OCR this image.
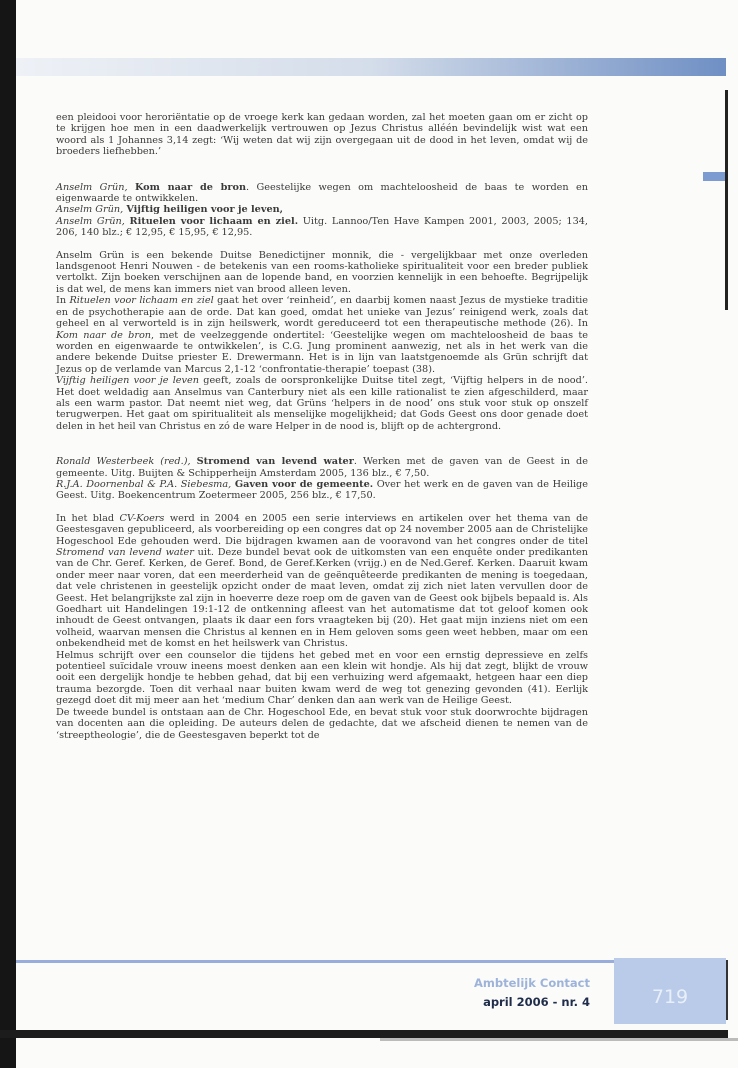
een pleidooi voor heroriëntatie op de vroege kerk kan gedaan worden, zal het moeten gaan om er zicht op te krijgen hoe men in een daadwerkelijk vertrouwen op Jezus Christus alléén bevindelijk wist wat een woord als 1 Johannes 3,14 zegt: ‘Wij weten dat wij zijn overgegaan uit de dood in het leven, omdat wij de broeders liefhebben.’

Anselm Grün, Kom naar de bron. Geestelijke wegen om machteloosheid de baas te worden en eigenwaarde te ontwikkelen.

Anselm Grün, Vijftig heiligen voor je leven,

Anselm Grün, Rituelen voor lichaam en ziel. Uitg. Lannoo/Ten Have Kampen 2001, 2003, 2005; 134, 206, 140 blz.; € 12,95, € 15,95, € 12,95.

Anselm Grün is een bekende Duitse Benedictijner monnik, die - vergelijkbaar met onze overleden landsgenoot Henri Nouwen - de betekenis van een rooms-katholieke spiritualiteit voor een breder publiek vertolkt. Zijn boeken verschijnen aan de lopende band, en voorzien kennelijk in een behoefte. Begrijpelijk is dat wel, de mens kan immers niet van brood alleen leven.

In Rituelen voor lichaam en ziel gaat het over ‘reinheid’, en daarbij komen naast Jezus de mystieke traditie en de psychotherapie aan de orde. Dat kan goed, omdat het unieke van Jezus’ reinigend werk, zoals dat geheel en al verworteld is in zijn heilswerk, wordt gereduceerd tot een therapeutische methode (26). In Kom naar de bron, met de veelzeggende ondertitel: ‘Geestelijke wegen om machteloosheid de baas te worden en eigenwaarde te ontwikkelen’, is C.G. Jung prominent aanwezig, net als in het werk van die andere bekende Duitse priester E. Drewermann. Het is in lijn van laatstgenoemde als Grün schrijft dat Jezus op de verlamde van Marcus 2,1-12 ‘confrontatie-therapie’ toepast (38).

Vijftig heiligen voor je leven geeft, zoals de oorspronkelijke Duitse titel zegt, ‘Vijftig helpers in de nood’. Het doet weldadig aan Anselmus van Canterbury niet als een kille rationalist te zien afgeschilderd, maar als een warm pastor. Dat neemt niet weg, dat Grüns ‘helpers in de nood’ ons stuk voor stuk op onszelf terugwerpen. Het gaat om spiritualiteit als menselijke mogelijkheid; dat Gods Geest ons door genade doet delen in het heil van Christus en zó de ware Helper in de nood is, blijft op de achtergrond.

Ronald Westerbeek (red.), Stromend van levend water. Werken met de gaven van de Geest in de gemeente. Uitg. Buijten & Schipperheijn Amsterdam 2005, 136 blz., € 7,50.

R.J.A. Doornenbal & P.A. Siebesma, Gaven voor de gemeente. Over het werk en de gaven van de Heilige Geest. Uitg. Boekencentrum Zoetermeer 2005, 256 blz., € 17,50.

In het blad CV-Koers werd in 2004 en 2005 een serie interviews en artikelen over het thema van de Geestesgaven gepubliceerd, als voorbereiding op een congres dat op 24 november 2005 aan de Christelijke Hogeschool Ede gehouden werd. Die bijdragen kwamen aan de vooravond van het congres onder de titel Stromend van levend water uit. Deze bundel bevat ook de uitkomsten van een enquête onder predikanten van de Chr. Geref. Kerken, de Geref. Bond, de Geref.Kerken (vrijg.) en de Ned.Geref. Kerken. Daaruit kwam onder meer naar voren, dat een meerderheid van de geënquêteerde predikanten de mening is toegedaan, dat vele christenen in geestelijk opzicht onder de maat leven, omdat zij zich niet laten vervullen door de Geest. Het belangrijkste zal zijn in hoeverre deze roep om de gaven van de Geest ook bijbels bepaald is. Als Goedhart uit Handelingen 19:1-12 de ontkenning afleest van het automatisme dat tot geloof komen ook inhoudt de Geest ontvangen, plaats ik daar een fors vraagteken bij (20). Het gaat mijn inziens niet om een volheid, waarvan mensen die Christus al kennen en in Hem geloven soms geen weet hebben, maar om een onbekendheid met de komst en het heilswerk van Christus.

Helmus schrijft over een counselor die tijdens het gebed met en voor een ernstig depressieve en zelfs potentieel suïcidale vrouw ineens moest denken aan een klein wit hondje. Als hij dat zegt, blijkt de vrouw ooit een dergelijk hondje te hebben gehad, dat bij een verhuizing werd afgemaakt, hetgeen haar een diep trauma bezorgde. Toen dit verhaal naar buiten kwam werd de weg tot genezing gevonden (41). Eerlijk gezegd doet dit mij meer aan het ‘medium Char’ denken dan aan werk van de Heilige Geest.

De tweede bundel is ontstaan aan de Chr. Hogeschool Ede, en bevat stuk voor stuk doorwrochte bijdragen van docenten aan die opleiding. De auteurs delen de gedachte, dat we afscheid dienen te nemen van de ‘streeptheologie’, die de Geestesgaven beperkt tot de

Ambtelijk Contact
april 2006 - nr. 4	719
